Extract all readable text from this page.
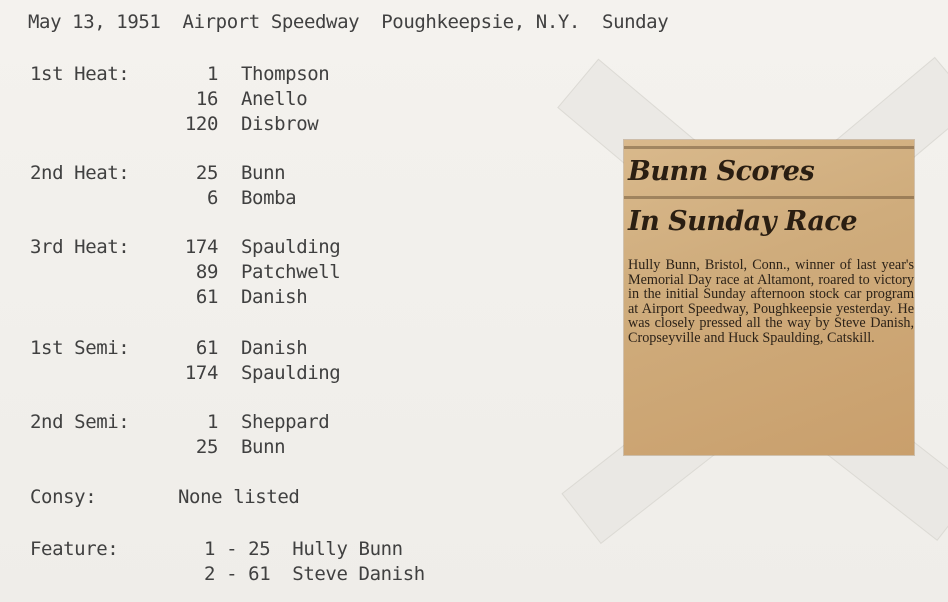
May 13, 1951  Airport Speedway  Poughkeepsie, N.Y.  Sunday
1st Heat:	1 Thompson
16 Anello
120 Disbrow
2nd Heat:	25 Bunn
6 Bomba
3rd Heat:	174 Spaulding
89 Patchwell
61 Danish
1st Semi:	61 Danish
174 Spaulding
2nd Semi:	1 Sheppard
25 Bunn
Consy:	None listed
Feature:	1 - 25  Hully Bunn
2 - 61  Steve Danish
Bunn Scores
In Sunday Race
Hully Bunn, Bristol, Conn., winner of last year's Memorial Day race at Altamont, roared to victory in the initial Sunday afternoon stock car program at Airport Speedway, Poughkeepsie yesterday. He was closely pressed all the way by Steve Danish, Cropseyville and Huck Spaulding, Catskill.
